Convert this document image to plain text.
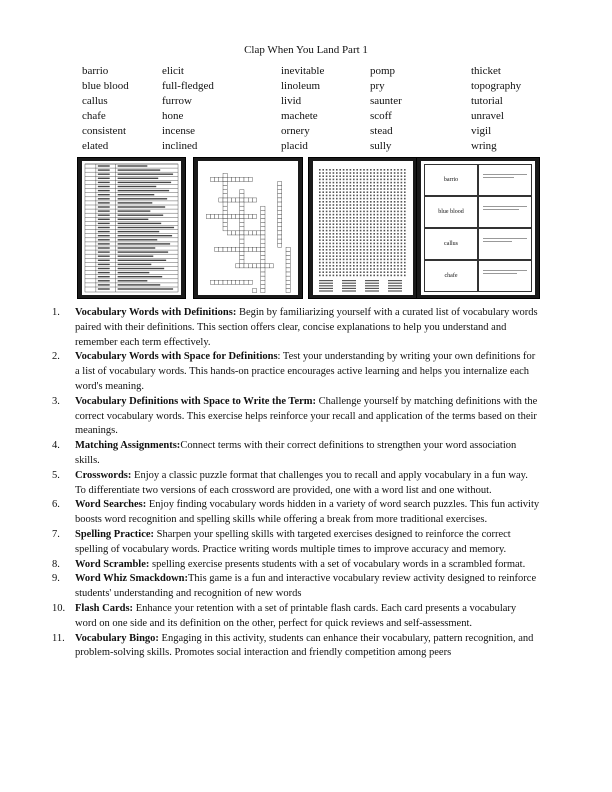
Clap When You Land Part 1
barrio
blue blood
callus
chafe
consistent
elated
elicit
full-fledged
furrow
hone
incense
inclined
inevitable
linoleum
livid
machete
ornery
placid
pomp
pry
saunter
scoff
stead
sully
thicket
topography
tutorial
unravel
vigil
wring
barrio
blue blood
callus
chafe
1. Vocabulary Words with Definitions: Begin by familiarizing yourself with a curated list of vocabulary words paired with their definitions. This section offers clear, concise explanations to help you understand and remember each term effectively.
2. Vocabulary Words with Space for Definitions: Test your understanding by writing your own definitions for a list of vocabulary words. This hands-on practice encourages active learning and helps you internalize each word's meaning.
3. Vocabulary Definitions with Space to Write the Term: Challenge yourself by matching definitions with the correct vocabulary words. This exercise helps reinforce your recall and application of the terms based on their meanings.
4. Matching Assignments:Connect terms with their correct definitions to strengthen your word association skills.
5. Crosswords: Enjoy a classic puzzle format that challenges you to recall and apply vocabulary in a fun way. To differentiate two versions of each crossword are provided, one with a word list and one without.
6. Word Searches: Enjoy finding vocabulary words hidden in a variety of word search puzzles. This fun activity boosts word recognition and spelling skills while offering a break from more traditional exercises.
7. Spelling Practice: Sharpen your spelling skills with targeted exercises designed to reinforce the correct spelling of vocabulary words. Practice writing words multiple times to improve accuracy and memory.
8. Word Scramble: spelling exercise presents students with a set of vocabulary words in a scrambled format.
9. Word Whiz Smackdown:This game is a fun and interactive vocabulary review activity designed to reinforce students' understanding and recognition of new words
10. Flash Cards: Enhance your retention with a set of printable flash cards. Each card presents a vocabulary word on one side and its definition on the other, perfect for quick reviews and self-assessment.
11. Vocabulary Bingo: Engaging in this activity, students can enhance their vocabulary, pattern recognition, and problem-solving skills. Promotes social interaction and friendly competition among peers
